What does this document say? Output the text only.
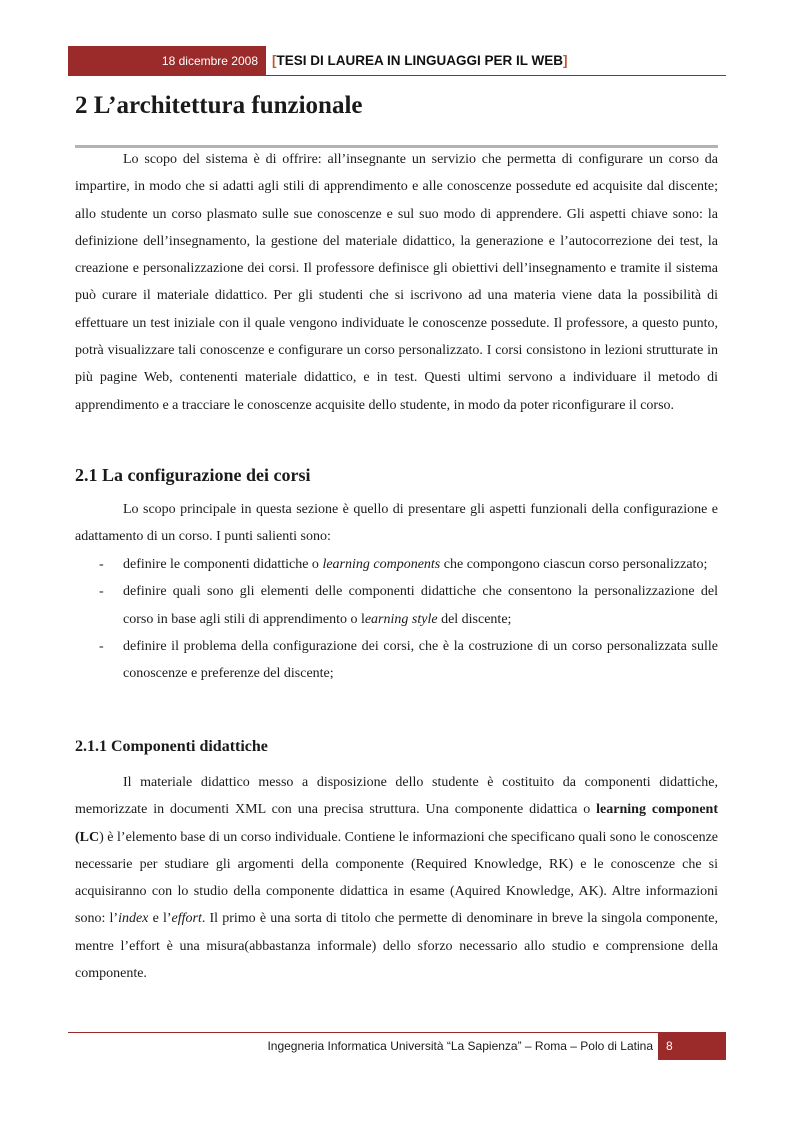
18 dicembre 2008	[TESI DI LAUREA IN LINGUAGGI PER IL WEB]
2 L’architettura funzionale

Lo scopo del sistema è di offrire: all’insegnante un servizio che permetta di configurare un corso da impartire, in modo che si adatti agli stili di apprendimento e alle conoscenze possedute ed acquisite dal discente; allo studente un corso plasmato sulle sue conoscenze e sul suo modo di apprendere. Gli aspetti chiave sono: la definizione dell’insegnamento, la gestione del materiale didattico, la generazione e l’autocorrezione dei test, la creazione e personalizzazione dei corsi. Il professore definisce gli obiettivi dell’insegnamento e tramite il sistema può curare il materiale didattico. Per gli studenti che si iscrivono ad una materia viene data la possibilità di effettuare un test iniziale con il quale vengono individuate le conoscenze possedute. Il professore, a questo punto, potrà visualizzare tali conoscenze e configurare un corso personalizzato. I corsi consistono in lezioni strutturate in più pagine Web, contenenti materiale didattico, e in test. Questi ultimi servono a individuare il metodo di apprendimento e a tracciare le conoscenze acquisite dello studente, in modo da poter riconfigurare il corso.

2.1 La configurazione dei corsi

Lo scopo principale in questa sezione è quello di presentare gli aspetti funzionali della configurazione e adattamento di un corso. I punti salienti sono:

- definire le componenti didattiche o learning components che compongono ciascun corso personalizzato;
- definire quali sono gli elementi delle componenti didattiche che consentono la personalizzazione del corso in base agli stili di apprendimento o learning style del discente;
- definire il problema della configurazione dei corsi, che è la costruzione di un corso personalizzata sulle conoscenze e preferenze del discente;
2.1.1 Componenti didattiche

Il materiale didattico messo a disposizione dello studente è costituito da componenti didattiche, memorizzate in documenti XML con una precisa struttura. Una componente didattica o learning component (LC) è l’elemento base di un corso individuale. Contiene le informazioni che specificano quali sono le conoscenze necessarie per studiare gli argomenti della componente (Required Knowledge, RK) e le conoscenze che si acquisiranno con lo studio della componente didattica in esame (Aquired Knowledge, AK). Altre informazioni sono: l’index e l’effort. Il primo è una sorta di titolo che permette di denominare in breve la singola componente, mentre l’effort è una misura(abbastanza informale) dello sforzo necessario allo studio e comprensione della componente.

Ingegneria Informatica Università “La Sapienza” – Roma – Polo di Latina	8
